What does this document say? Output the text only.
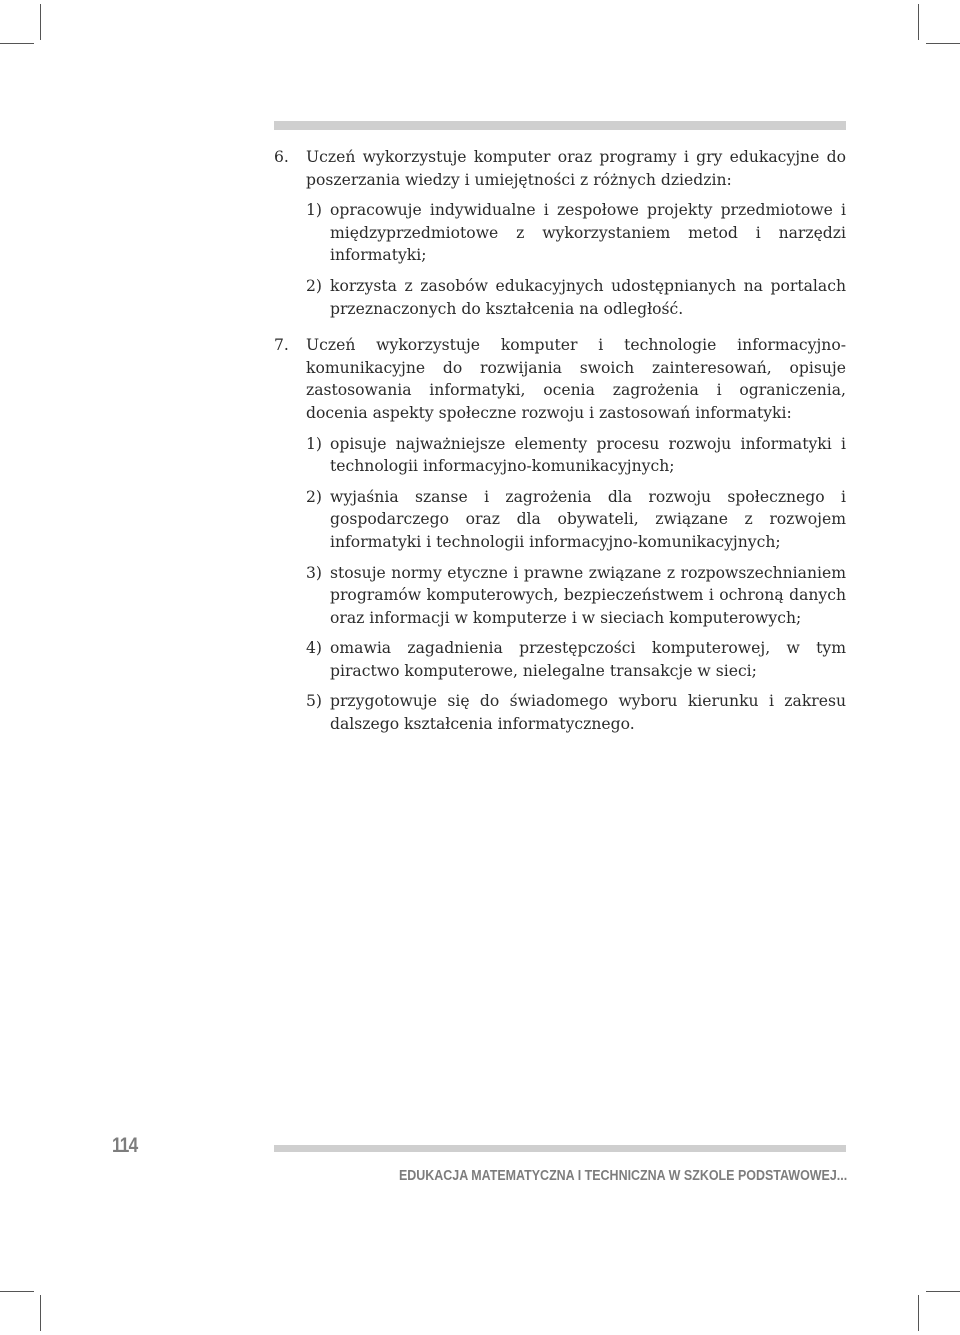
6. Uczeń wykorzystuje komputer oraz programy i gry edukacyjne do poszerzania wiedzy i umiejętności z różnych dziedzin:
1) opracowuje indywidualne i zespołowe projekty przedmiotowe i międzyprzedmiotowe z wykorzystaniem metod i narzędzi informatyki;
2) korzysta z zasobów edukacyjnych udostępnianych na portalach przeznaczonych do kształcenia na odległość.
7. Uczeń wykorzystuje komputer i technologie informacyjno-komunikacyjne do rozwijania swoich zainteresowań, opisuje zastosowania informatyki, ocenia zagrożenia i ograniczenia, docenia aspekty społeczne rozwoju i zastosowań informatyki:
1) opisuje najważniejsze elementy procesu rozwoju informatyki i technologii informacyjno-komunikacyjnych;
2) wyjaśnia szanse i zagrożenia dla rozwoju społecznego i gospodarczego oraz dla obywateli, związane z rozwojem informatyki i technologii informacyjno-komunikacyjnych;
3) stosuje normy etyczne i prawne związane z rozpowszechnianiem programów komputerowych, bezpieczeństwem i ochroną danych oraz informacji w komputerze i w sieciach komputerowych;
4) omawia zagadnienia przestępczości komputerowej, w tym piractwo komputerowe, nielegalne transakcje w sieci;
5) przygotowuje się do świadomego wyboru kierunku i zakresu dalszego kształcenia informatycznego.
114
EDUKACJA MATEMATYCZNA I TECHNICZNA W SZKOLE PODSTAWOWEJ...
